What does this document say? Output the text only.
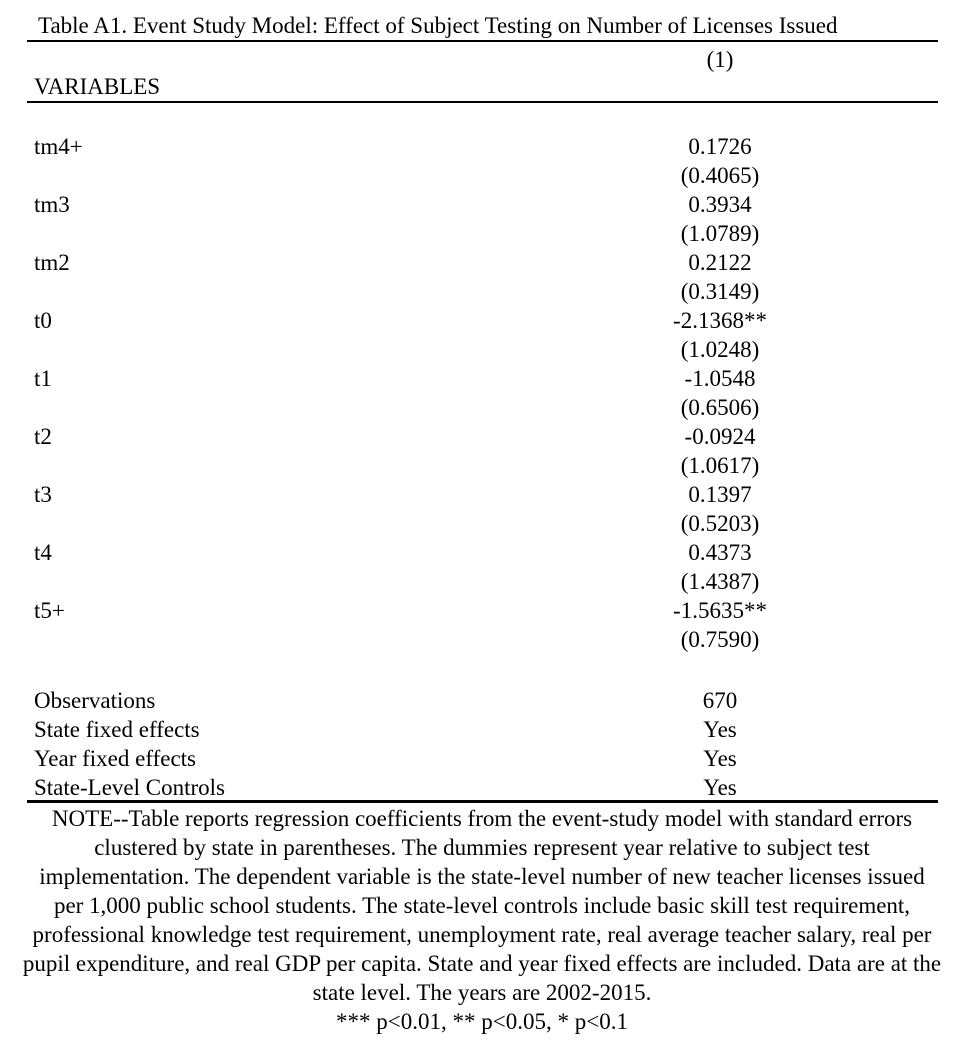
Table A1. Event Study Model: Effect of Subject Testing on Number of Licenses Issued
(1)
VARIABLES
tm4+	0.1726
(0.4065)
tm3	0.3934
(1.0789)
tm2	0.2122
(0.3149)
t0	-2.1368**
(1.0248)
t1	-1.0548
(0.6506)
t2	-0.0924
(1.0617)
t3	0.1397
(0.5203)
t4	0.4373
(1.4387)
t5+	-1.5635**
(0.7590)
Observations	670
State fixed effects	Yes
Year fixed effects	Yes
State-Level Controls	Yes
NOTE--Table reports regression coefficients from the event-study model with standard errors clustered by state in parentheses. The dummies represent year relative to subject test implementation. The dependent variable is the state-level number of new teacher licenses issued per 1,000 public school students. The state-level controls include basic skill test requirement, professional knowledge test requirement, unemployment rate, real average teacher salary, real per pupil expenditure, and real GDP per capita. State and year fixed effects are included. Data are at the state level. The years are 2002-2015.
*** p<0.01, ** p<0.05, * p<0.1
